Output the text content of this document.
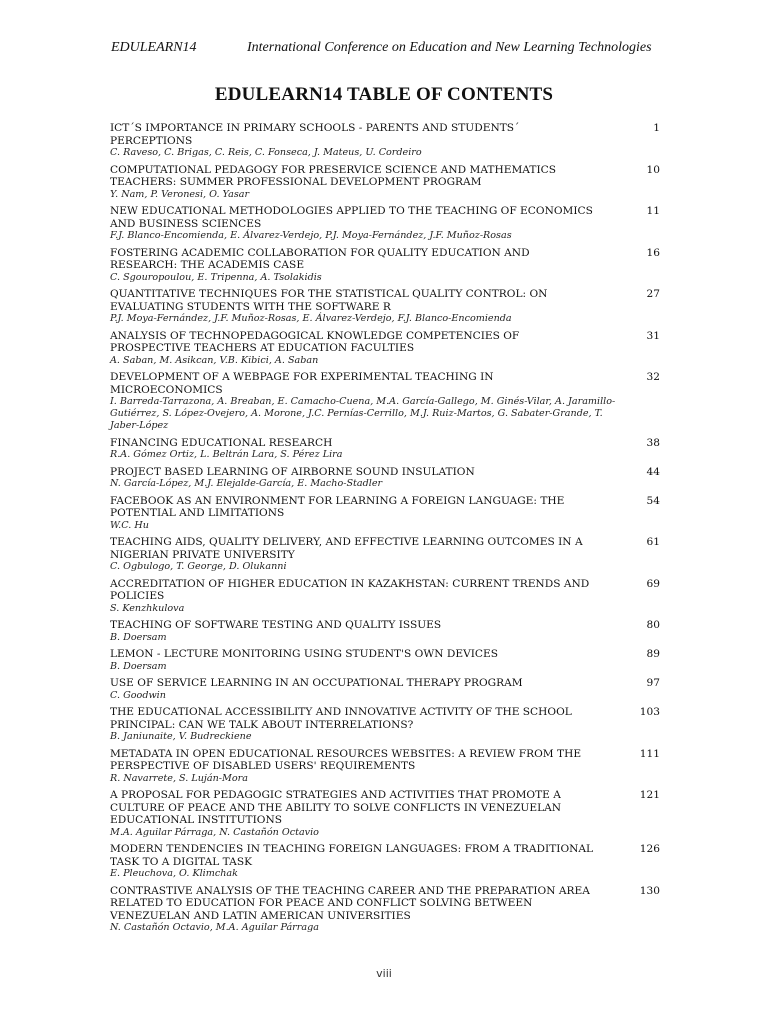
EDULEARN14	International Conference on Education and New Learning Technologies
EDULEARN14 TABLE OF CONTENTS
ICT´S IMPORTANCE IN PRIMARY SCHOOLS - PARENTS AND STUDENTS´ PERCEPTIONS
C. Raveso, C. Brigas, C. Reis, C. Fonseca, J. Mateus, U. Cordeiro
1
COMPUTATIONAL PEDAGOGY FOR PRESERVICE SCIENCE AND MATHEMATICS TEACHERS: SUMMER PROFESSIONAL DEVELOPMENT PROGRAM
Y. Nam, P. Veronesi, O. Yasar
10
NEW EDUCATIONAL METHODOLOGIES APPLIED TO THE TEACHING OF ECONOMICS AND BUSINESS SCIENCES
F.J. Blanco-Encomienda, E. Álvarez-Verdejo, P.J. Moya-Fernández, J.F. Muñoz-Rosas
11
FOSTERING ACADEMIC COLLABORATION FOR QUALITY EDUCATION AND RESEARCH: THE ACADEMIS CASE
C. Sgouropoulou, E. Tripenna, A. Tsolakidis
16
QUANTITATIVE TECHNIQUES FOR THE STATISTICAL QUALITY CONTROL: ON EVALUATING STUDENTS WITH THE SOFTWARE R
P.J. Moya-Fernández, J.F. Muñoz-Rosas, E. Álvarez-Verdejo, F.J. Blanco-Encomienda
27
ANALYSIS OF TECHNOPEDAGOGICAL KNOWLEDGE COMPETENCIES OF PROSPECTIVE TEACHERS AT EDUCATION FACULTIES
A. Saban, M. Asikcan, V.B. Kibici, A. Saban
31
DEVELOPMENT OF A WEBPAGE FOR EXPERIMENTAL TEACHING IN MICROECONOMICS
I. Barreda-Tarrazona, A. Breaban, E. Camacho-Cuena, M.A. García-Gallego, M. Ginés-Vilar, A. Jaramillo-Gutiérrez, S. López-Ovejero, A. Morone, J.C. Pernías-Cerrillo, M.J. Ruiz-Martos, G. Sabater-Grande, T. Jaber-López
32
FINANCING EDUCATIONAL RESEARCH
R.A. Gómez Ortiz, L. Beltrán Lara, S. Pérez Lira
38
PROJECT BASED LEARNING OF AIRBORNE SOUND INSULATION
N. García-López, M.J. Elejalde-García, E. Macho-Stadler
44
FACEBOOK AS AN ENVIRONMENT FOR LEARNING A FOREIGN LANGUAGE: THE POTENTIAL AND LIMITATIONS
W.C. Hu
54
TEACHING AIDS, QUALITY DELIVERY, AND EFFECTIVE LEARNING OUTCOMES IN A NIGERIAN PRIVATE UNIVERSITY
C. Ogbulogo, T. George, D. Olukanni
61
ACCREDITATION OF HIGHER EDUCATION IN KAZAKHSTAN: CURRENT TRENDS AND POLICIES
S. Kenzhkulova
69
TEACHING OF SOFTWARE TESTING AND QUALITY ISSUES
B. Doersam
80
LEMON - LECTURE MONITORING USING STUDENT'S OWN DEVICES
B. Doersam
89
USE OF SERVICE LEARNING IN AN OCCUPATIONAL THERAPY PROGRAM
C. Goodwin
97
THE EDUCATIONAL ACCESSIBILITY AND INNOVATIVE ACTIVITY OF THE SCHOOL PRINCIPAL: CAN WE TALK ABOUT INTERRELATIONS?
B. Janiunaite, V. Budreckiene
103
METADATA IN OPEN EDUCATIONAL RESOURCES WEBSITES: A REVIEW FROM THE PERSPECTIVE OF DISABLED USERS' REQUIREMENTS
R. Navarrete, S. Luján-Mora
111
A PROPOSAL FOR PEDAGOGIC STRATEGIES AND ACTIVITIES THAT PROMOTE A CULTURE OF PEACE AND THE ABILITY TO SOLVE CONFLICTS IN VENEZUELAN EDUCATIONAL INSTITUTIONS
M.A. Aguilar Párraga, N. Castañón Octavio
121
MODERN TENDENCIES IN TEACHING FOREIGN LANGUAGES: FROM A TRADITIONAL TASK TO A DIGITAL TASK
E. Pleuchova, O. Klimchak
126
CONTRASTIVE ANALYSIS OF THE TEACHING CAREER AND THE PREPARATION AREA RELATED TO EDUCATION FOR PEACE AND CONFLICT SOLVING BETWEEN VENEZUELAN AND LATIN AMERICAN UNIVERSITIES
N. Castañón Octavio, M.A. Aguilar Párraga
130
viii
